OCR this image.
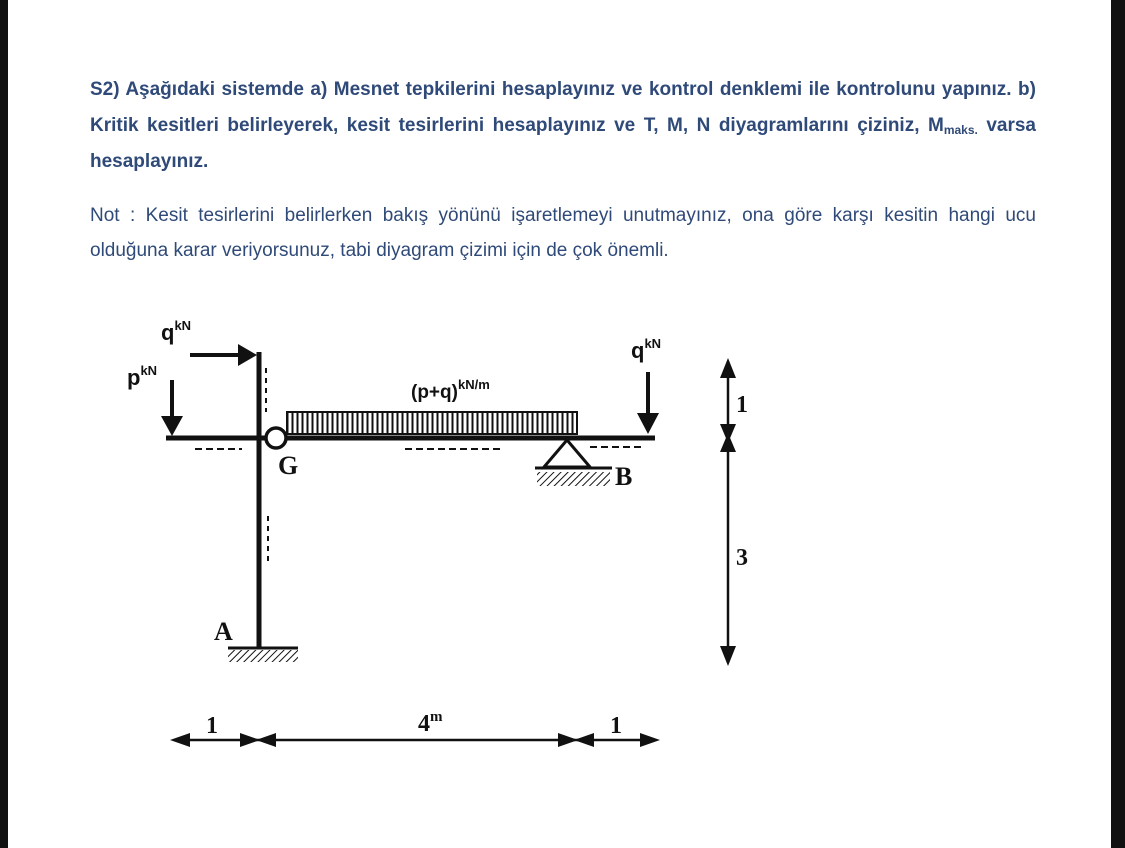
S2) Aşağıdaki sistemde a) Mesnet tepkilerini hesaplayınız ve kontrol denklemi ile kontrolunu yapınız. b) Kritik kesitleri belirleyerek, kesit tesirlerini hesaplayınız ve T, M, N diyagramlarını çiziniz, $M_{maks.}$ varsa hesaplayınız.
Not : Kesit tesirlerini belirlerken bakış yönünü işaretlemeyi unutmayınız, ona göre karşı kesitin hangi ucu olduğuna karar veriyorsunuz, tabi diyagram çizimi için de çok önemli.
$q^{kN}$
$p^{kN}$
$q^{kN}$
$(p+q)^{kN/m}$
G	B
A
1
3
1	4$^m$	1
